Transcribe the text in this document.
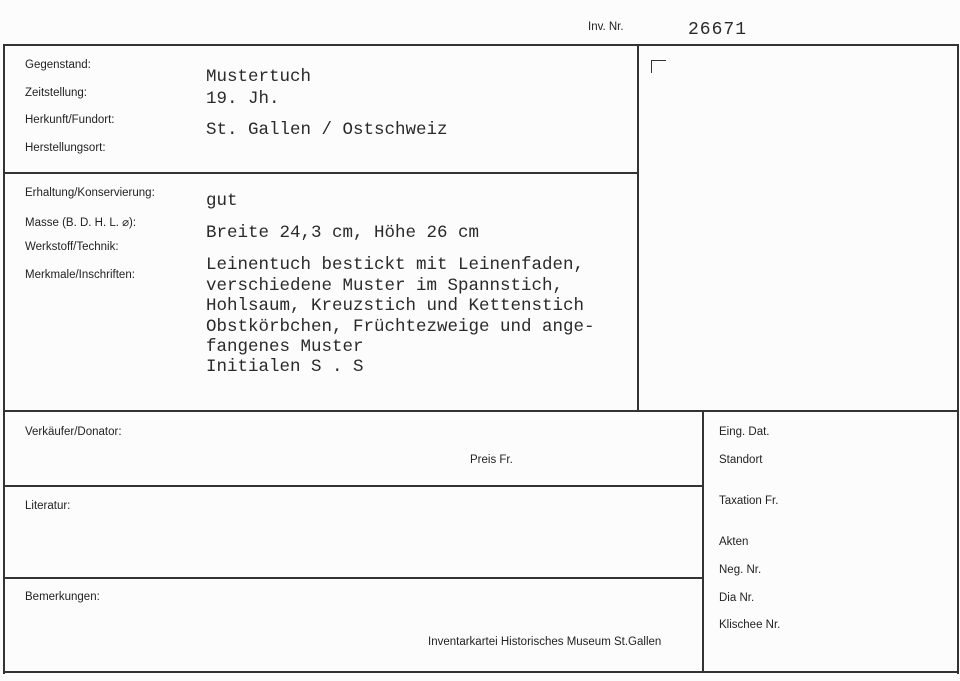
Inv. Nr.	26671
Gegenstand:
Zeitstellung:
Herkunft/Fundort:
Herstellungsort:
Mustertuch
19. Jh.
St. Gallen / Ostschweiz
Erhaltung/Konservierung:
Masse (B. D. H. L. ⌀):
Werkstoff/Technik:
Merkmale/Inschriften:
gut
Breite 24,3 cm, Höhe 26 cm
Leinentuch bestickt mit Leinenfaden,
verschiedene Muster im Spannstich,
Hohlsaum, Kreuzstich und Kettenstich
Obstkörbchen, Früchtezweige und ange-
fangenes Muster
Initialen S . S
Verkäufer/Donator:
Preis Fr.
Literatur:
Bemerkungen:
Inventarkartei Historisches Museum St.Gallen
Eing. Dat.
Standort
Taxation Fr.
Akten
Neg. Nr.
Dia Nr.
Klischee Nr.
